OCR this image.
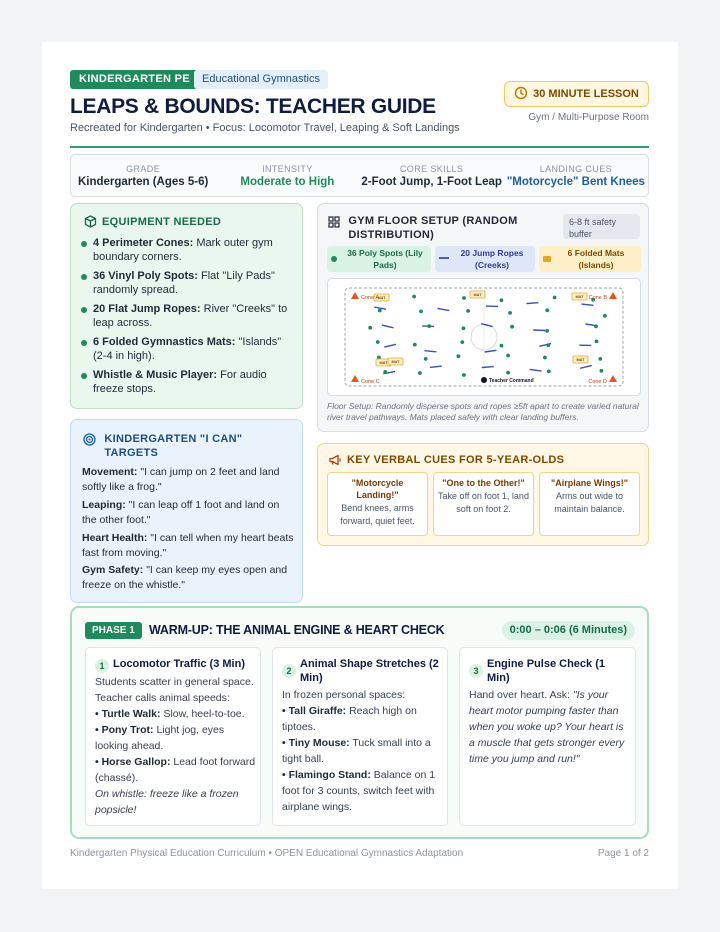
KINDERGARTEN PE	Educational Gymnastics
LEAPS & BOUNDS: TEACHER GUIDE
Recreated for Kindergarten • Focus: Locomotor Travel, Leaping & Soft Landings
30 MINUTE LESSON
Gym / Multi-Purpose Room
GRADE
Kindergarten (Ages 5-6)
INTENSITY
Moderate to High
CORE SKILLS
2-Foot Jump, 1-Foot Leap
LANDING CUES
"Motorcycle" Bent Knees
EQUIPMENT NEEDED
4 Perimeter Cones: Mark outer gym boundary corners.
36 Vinyl Poly Spots: Flat "Lily Pads" randomly spread.
20 Flat Jump Ropes: River "Creeks" to leap across.
6 Folded Gymnastics Mats: "Islands" (2-4 in high).
Whistle & Music Player: For audio freeze stops.
KINDERGARTEN "I CAN" TARGETS
Movement: "I can jump on 2 feet and land softly like a frog."
Leaping: "I can leap off 1 foot and land on the other foot."
Heart Health: "I can tell when my heart beats fast from moving."
Gym Safety: "I can keep my eyes open and freeze on the whistle."
GYM FLOOR SETUP (RANDOM DISTRIBUTION)
6-8 ft safety buffer
36 Poly Spots (Lily Pads)
20 Jump Ropes (Creeks)
6 Folded Mats (Islands)
MAT
MAT	MAT
MAT MAT	MAT
Cone A	Cone B
Cone C	Cone D
Teacher Command
Floor Setup: Randomly disperse spots and ropes ≥5ft apart to create varied natural river travel pathways. Mats placed safely with clear landing buffers.
KEY VERBAL CUES FOR 5-YEAR-OLDS
"Motorcycle Landing!"
Bend knees, arms forward, quiet feet.
"One to the Other!"
Take off on foot 1, land soft on foot 2.
"Airplane Wings!"
Arms out wide to maintain balance.
PHASE 1	WARM-UP: THE ANIMAL ENGINE & HEART CHECK	0:00 – 0:06 (6 Minutes)
1 Locomotor Traffic (3 Min)
Students scatter in general space. Teacher calls animal speeds:
• Turtle Walk: Slow, heel-to-toe.
• Pony Trot: Light jog, eyes looking ahead.
• Horse Gallop: Lead foot forward (chassé).
On whistle: freeze like a frozen popsicle!
2
Animal Shape Stretches (2 Min)
In frozen personal spaces:
• Tall Giraffe: Reach high on tiptoes.
• Tiny Mouse: Tuck small into a tight ball.
• Flamingo Stand: Balance on 1 foot for 3 counts, switch feet with airplane wings.
3
Engine Pulse Check (1 Min)
Hand over heart. Ask: "Is your heart motor pumping faster than when you woke up? Your heart is a muscle that gets stronger every time you jump and run!"
Kindergarten Physical Education Curriculum • OPEN Educational Gymnastics Adaptation	Page 1 of 2
